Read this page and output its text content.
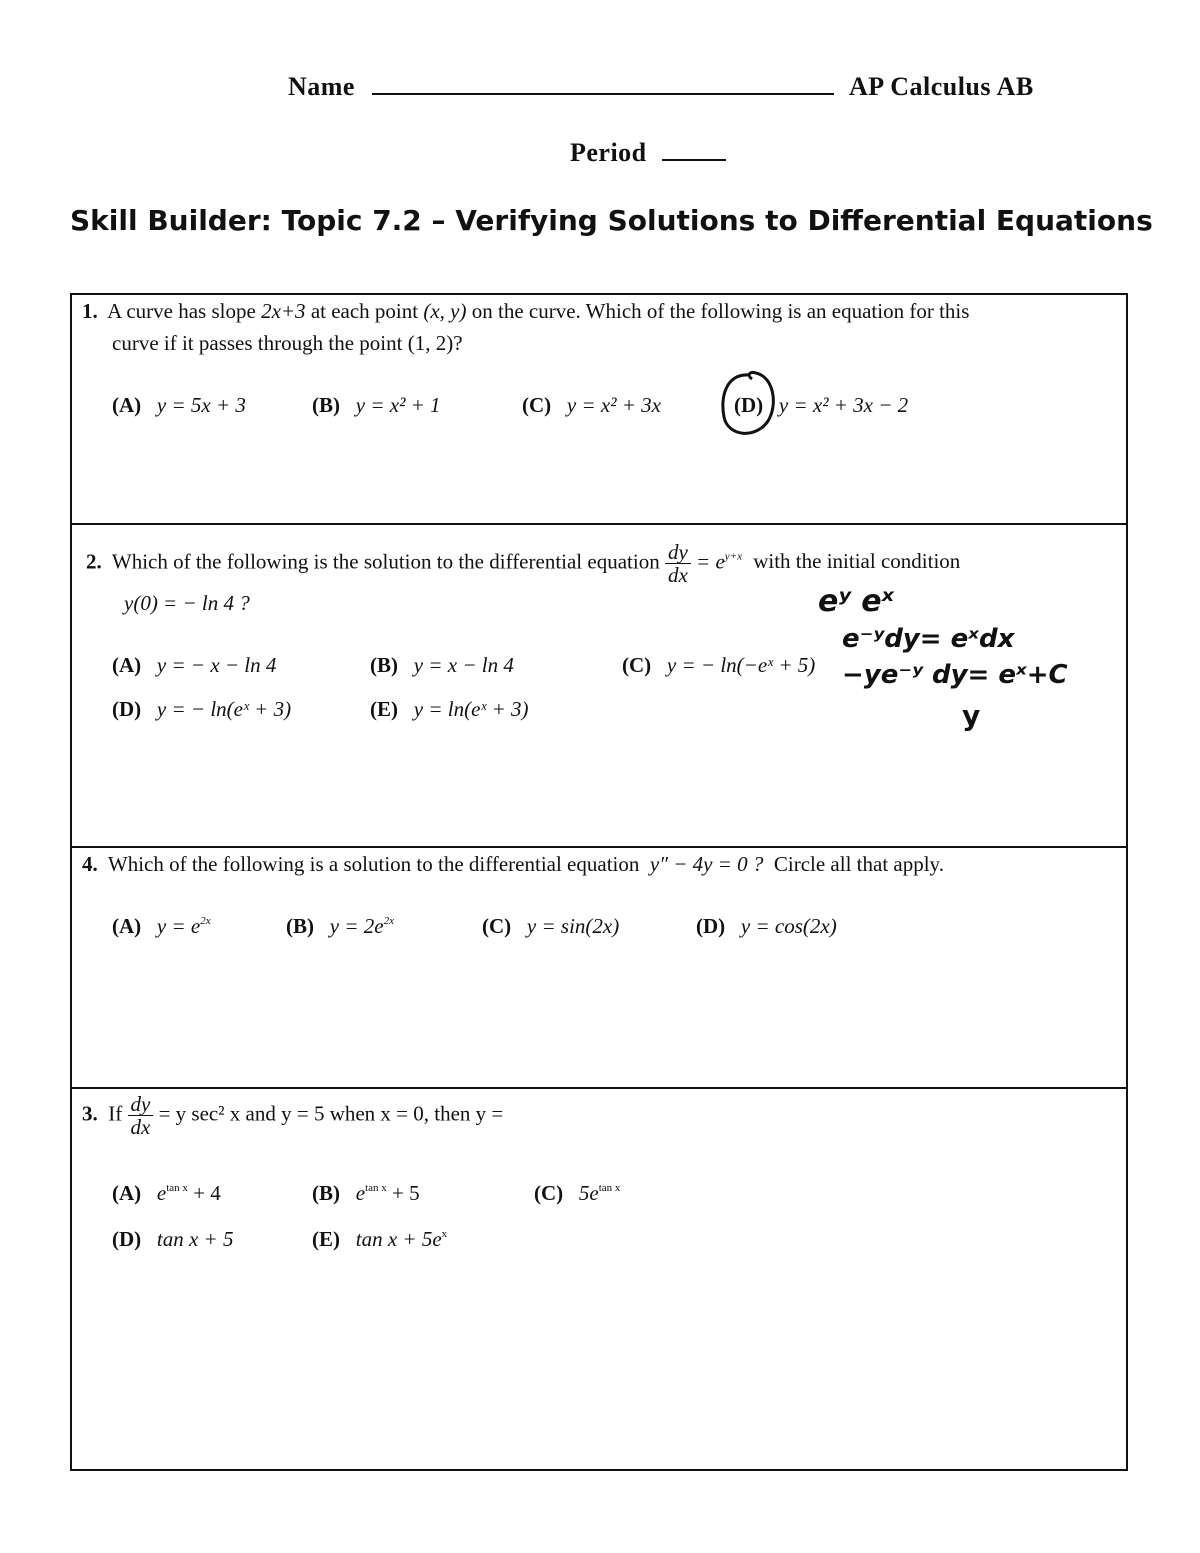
Name	AP Calculus AB
Period
Skill Builder: Topic 7.2 – Verifying Solutions to Differential Equations
1. A curve has slope 2x+3 at each point (x, y) on the curve. Which of the following is an equation for this
curve if it passes through the point (1, 2)?
(A) y = 5x + 3	(B) y = x² + 1	(C) y = x² + 3x	(D) y = x² + 3x − 2
2. Which of the following is the solution to the differential equation $\frac{dy}{dx} = e^{y+x}$ with the initial condition
y(0) = − ln 4 ?
(A) y = − x − ln 4	(B) y = x − ln 4	(C) y = − ln(−eˣ + 5)
(D) y = − ln(eˣ + 3)	(E) y = ln(eˣ + 3)
eʸ eˣ
e⁻ʸdy= eˣdx
−ye⁻ʸ dy= eˣ+C
y
4. Which of the following is a solution to the differential equation y″ − 4y = 0 ? Circle all that apply.
(A) $y = e^{2x}$	(B) $y = 2e^{2x}$	(C) y = sin(2x)	(D) y = cos(2x)
3. If $\frac{dy}{dx} = y$ sec² x and y = 5 when x = 0, then y =
(A) $e^{tan x} + 4$	(B) $e^{tan x} + 5$	(C) $5e^{tan x}$
(D) tan x + 5	(E) $\tan x + 5e^x$
